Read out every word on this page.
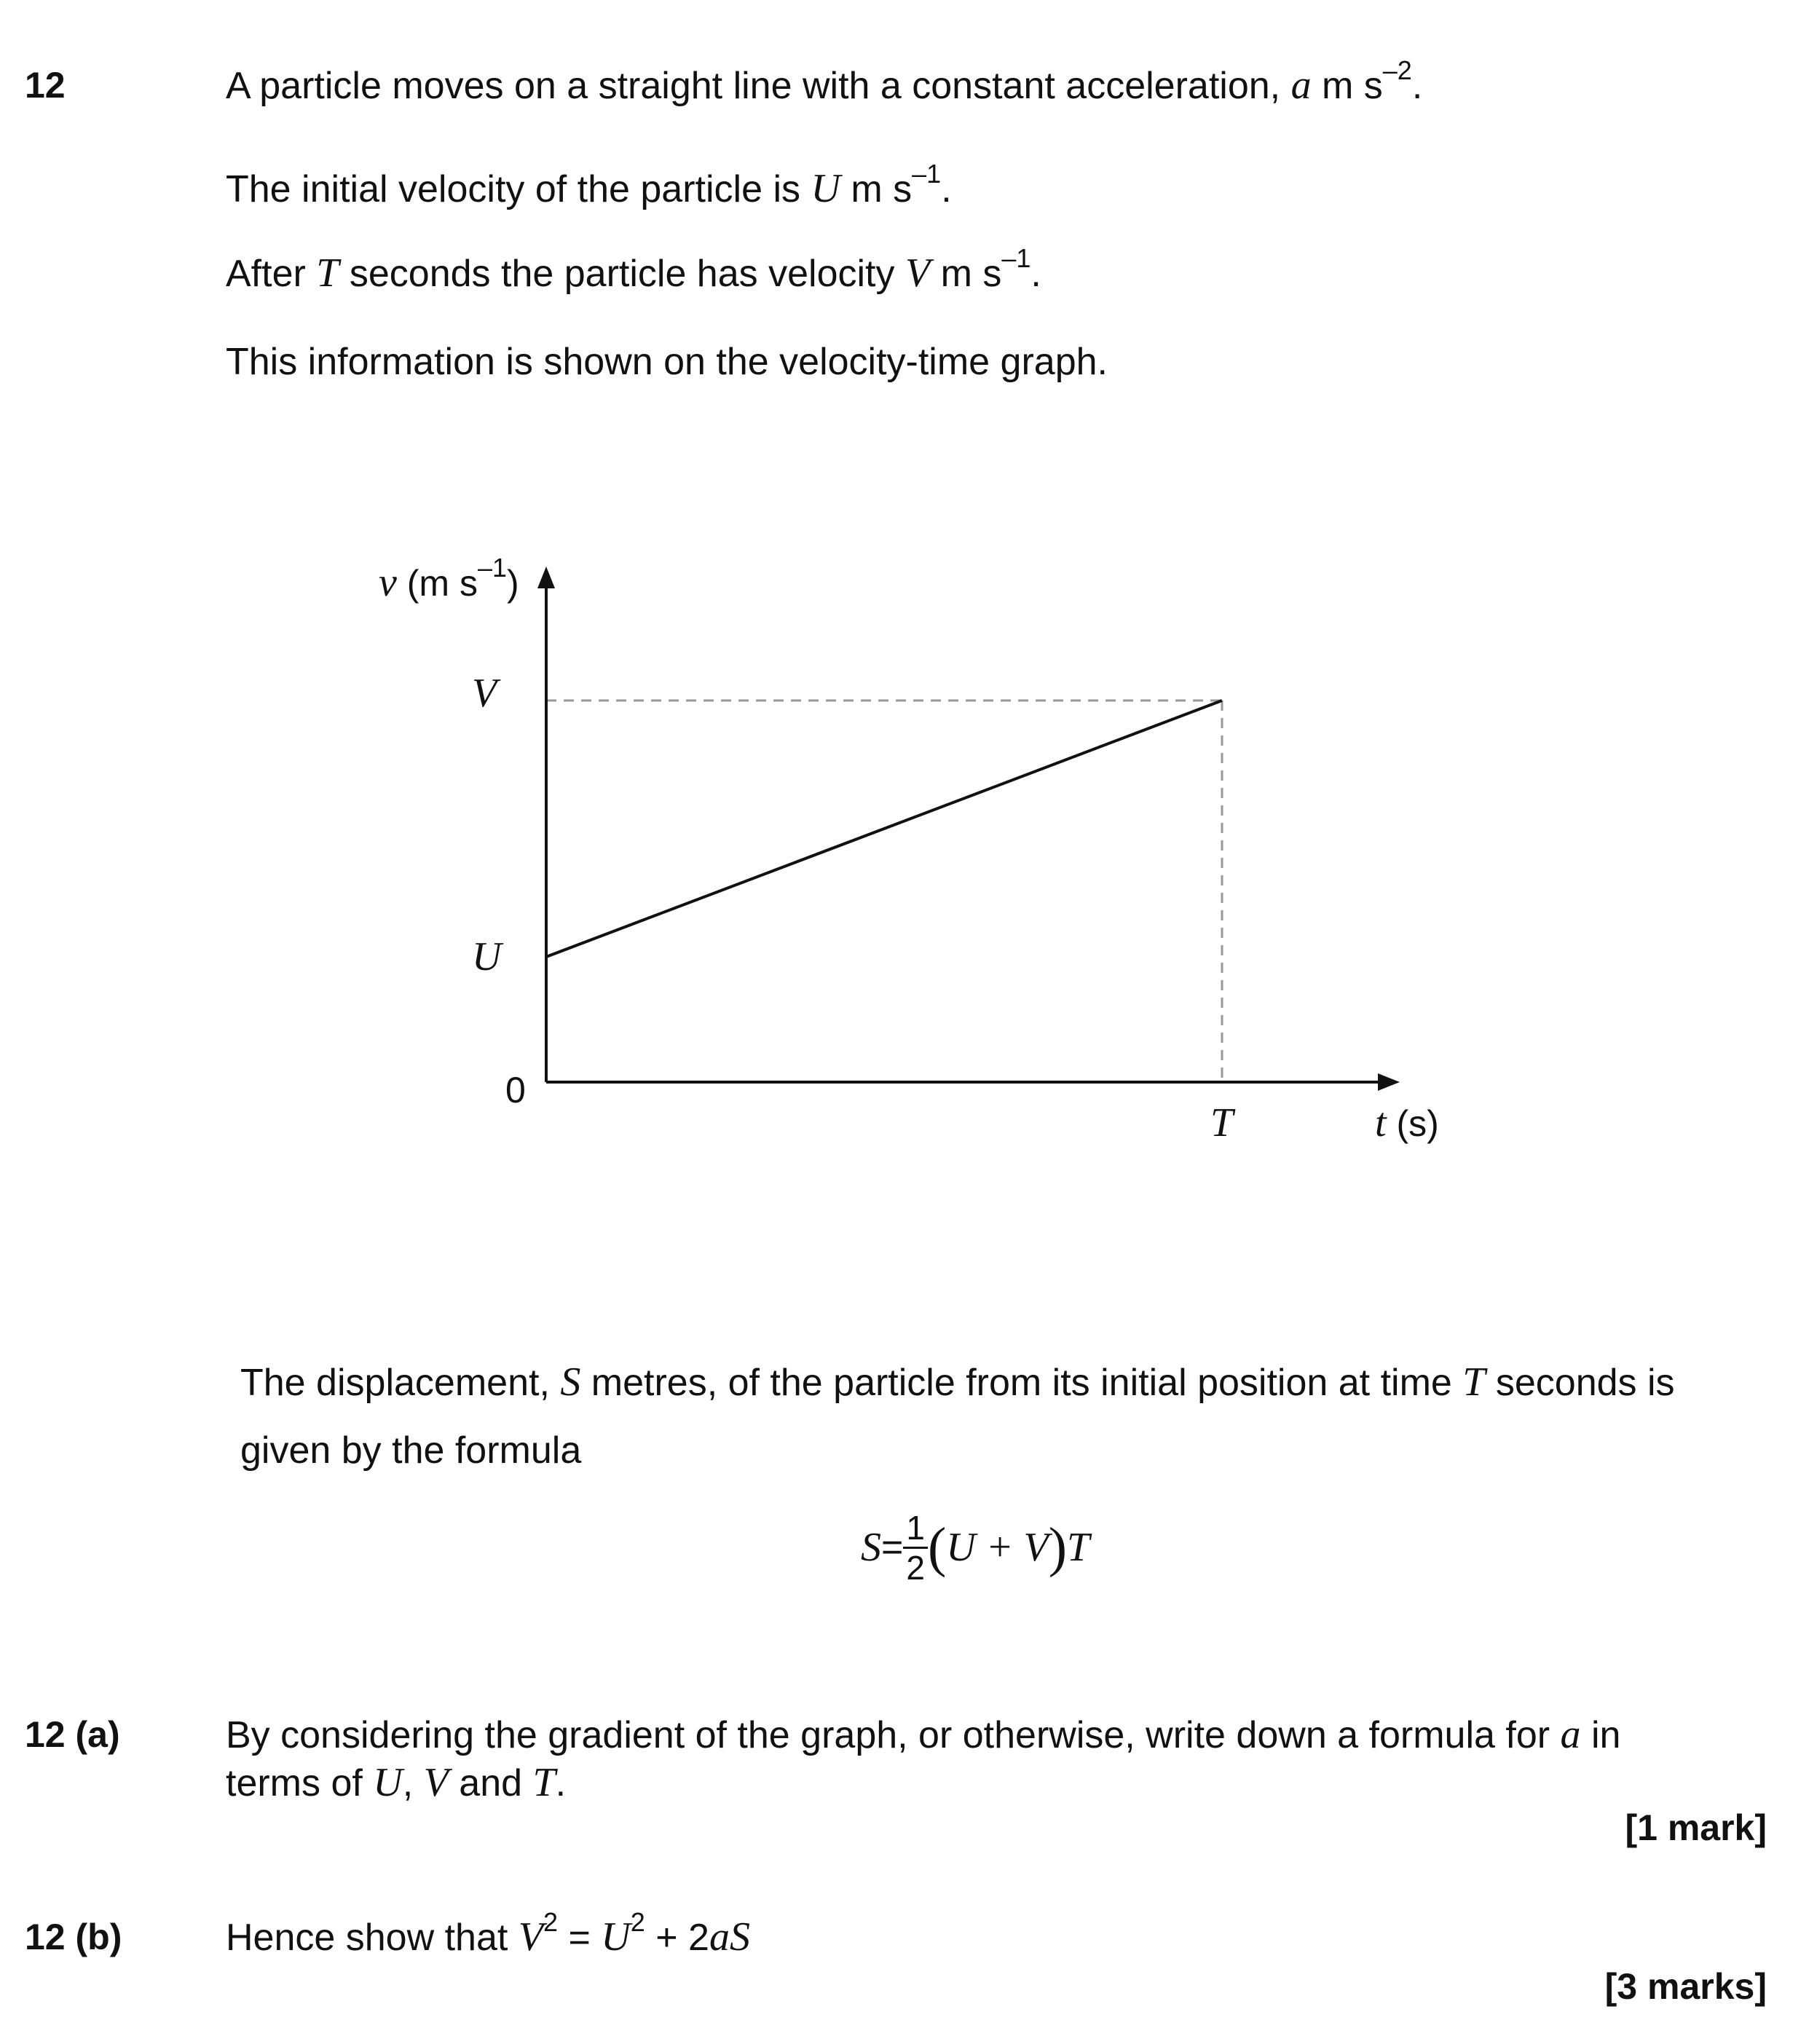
12	A particle moves on a straight line with a constant acceleration, a m $s^{-2}$.
The initial velocity of the particle is U m $s^{-1}$.
After T seconds the particle has velocity V m $s^{-1}$.
This information is shown on the velocity-time graph.
v (m $s^{-1}$)
V
U
0
T	t (s)
The displacement, S metres, of the particle from its initial position at time T seconds is
given by the formula
$S = \frac{1}{2}$ ( U + V ) T
12 (a)	By considering the gradient of the graph, or otherwise, write down a formula for a in
terms of U, V and T.
[1 mark]
12 (b)	Hence show that $V^2 = U^2 + 2aS$
[3 marks]
